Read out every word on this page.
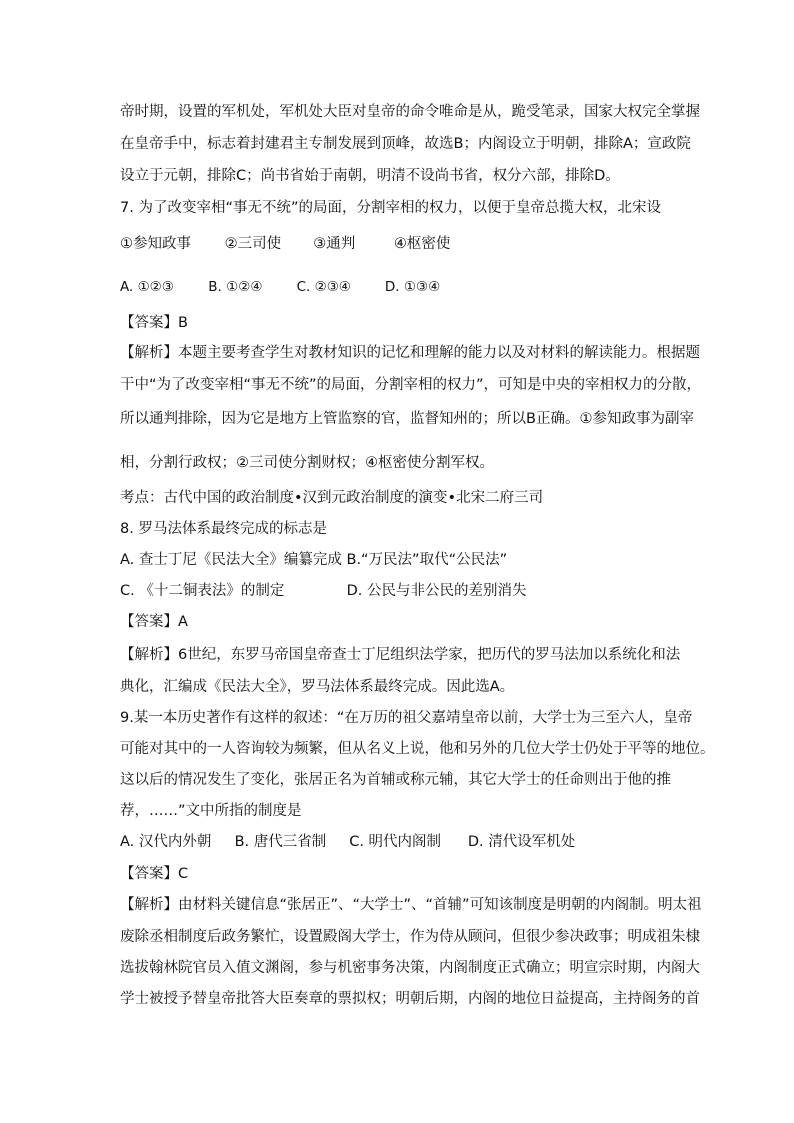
帝时期，设置的军机处，军机处大臣对皇帝的命令唯命是从，跪受笔录，国家大权完全掌握
在皇帝手中，标志着封建君主专制发展到顶峰，故选B；内阁设立于明朝，排除A；宣政院
设立于元朝，排除C；尚书省始于南朝，明清不设尚书省，权分六部，排除D。
7. 为了改变宰相“事无不统”的局面，分割宰相的权力，以便于皇帝总揽大权，北宋设
①参知政事 ②三司使 ③通判	④枢密使
A. ①②③	B. ①②④	C. ②③④	D. ①③④
【答案】B
【解析】本题主要考查学生对教材知识的记忆和理解的能力以及对材料的解读能力。根据题
干中“为了改变宰相“事无不统”的局面，分割宰相的权力”，可知是中央的宰相权力的分散，
所以通判排除，因为它是地方上管监察的官，监督知州的；所以B正确。①参知政事为副宰
相，分割行政权；②三司使分割财权；④枢密使分割军权。
考点：古代中国的政治制度•汉到元政治制度的演变•北宋二府三司
8. 罗马法体系最终完成的标志是
A. 查士丁尼《民法大全》编纂完成 B.“万民法”取代“公民法”
C. 《十二铜表法》的制定	D. 公民与非公民的差别消失
【答案】A
【解析】6世纪，东罗马帝国皇帝查士丁尼组织法学家，把历代的罗马法加以系统化和法
典化，汇编成《民法大全》，罗马法体系最终完成。因此选A。
9.某一本历史著作有这样的叙述：“在万历的祖父嘉靖皇帝以前，大学士为三至六人，皇帝
可能对其中的一人咨询较为频繁，但从名义上说，他和另外的几位大学士仍处于平等的地位。
这以后的情况发生了变化，张居正名为首辅或称元辅，其它大学士的任命则出于他的推
荐，……”文中所指的制度是
A. 汉代内外朝 B. 唐代三省制 C. 明代内阁制 D. 清代设军机处
【答案】C
【解析】由材料关键信息“张居正”、“大学士”、“首辅”可知该制度是明朝的内阁制。明太祖
废除丞相制度后政务繁忙，设置殿阁大学士，作为侍从顾问，但很少参决政事；明成祖朱棣
选拔翰林院官员入值文渊阁，参与机密事务决策，内阁制度正式确立；明宣宗时期，内阁大
学士被授予替皇帝批答大臣奏章的票拟权；明朝后期，内阁的地位日益提高，主持阁务的首
